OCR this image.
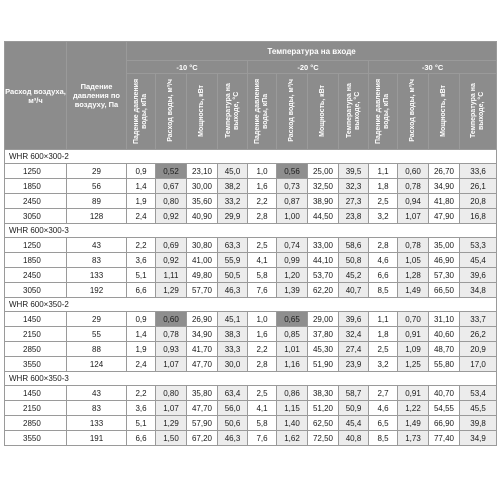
Расход воздуха, м³/ч	Падение давления по воздуху, Па	Температура на входе											
		-10 °C				-20 °C				-30 °C			
		Падение давления воды, кПа	Расход воды, м³/ч	Мощность, кВт	Температура на выходе, °C	Падение давления воды, кПа	Расход воды, м³/ч	Мощность, кВт	Температура на выходе, °C	Падение давления воды, кПа	Расход воды, м³/ч	Мощность, кВт	Температура на выходе, °C
WHR 600×300-2													
1250	29	0,9	0,52	23,10	45,0	1,0	0,56	25,00	39,5	1,1	0,60	26,70	33,6
1850	56	1,4	0,67	30,00	38,2	1,6	0,73	32,50	32,3	1,8	0,78	34,90	26,1
2450	89	1,9	0,80	35,60	33,2	2,2	0,87	38,90	27,3	2,5	0,94	41,80	20,8
3050	128	2,4	0,92	40,90	29,9	2,8	1,00	44,50	23,8	3,2	1,07	47,90	16,8
WHR 600×300-3													
1250	43	2,2	0,69	30,80	63,3	2,5	0,74	33,00	58,6	2,8	0,78	35,00	53,3
1850	83	3,6	0,92	41,00	55,9	4,1	0,99	44,10	50,8	4,6	1,05	46,90	45,4
2450	133	5,1	1,11	49,80	50,5	5,8	1,20	53,70	45,2	6,6	1,28	57,30	39,6
3050	192	6,6	1,29	57,70	46,3	7,6	1,39	62,20	40,7	8,5	1,49	66,50	34,8
WHR 600×350-2													
1450	29	0,9	0,60	26,90	45,1	1,0	0,65	29,00	39,6	1,1	0,70	31,10	33,7
2150	55	1,4	0,78	34,90	38,3	1,6	0,85	37,80	32,4	1,8	0,91	40,60	26,2
2850	88	1,9	0,93	41,70	33,3	2,2	1,01	45,30	27,4	2,5	1,09	48,70	20,9
3550	124	2,4	1,07	47,70	30,0	2,8	1,16	51,90	23,9	3,2	1,25	55,80	17,0
WHR 600×350-3													
1450	43	2,2	0,80	35,80	63,4	2,5	0,86	38,30	58,7	2,7	0,91	40,70	53,4
2150	83	3,6	1,07	47,70	56,0	4,1	1,15	51,20	50,9	4,6	1,22	54,55	45,5
2850	133	5,1	1,29	57,90	50,6	5,8	1,40	62,50	45,4	6,5	1,49	66,90	39,8
3550	191	6,6	1,50	67,20	46,3	7,6	1,62	72,50	40,8	8,5	1,73	77,40	34,9
